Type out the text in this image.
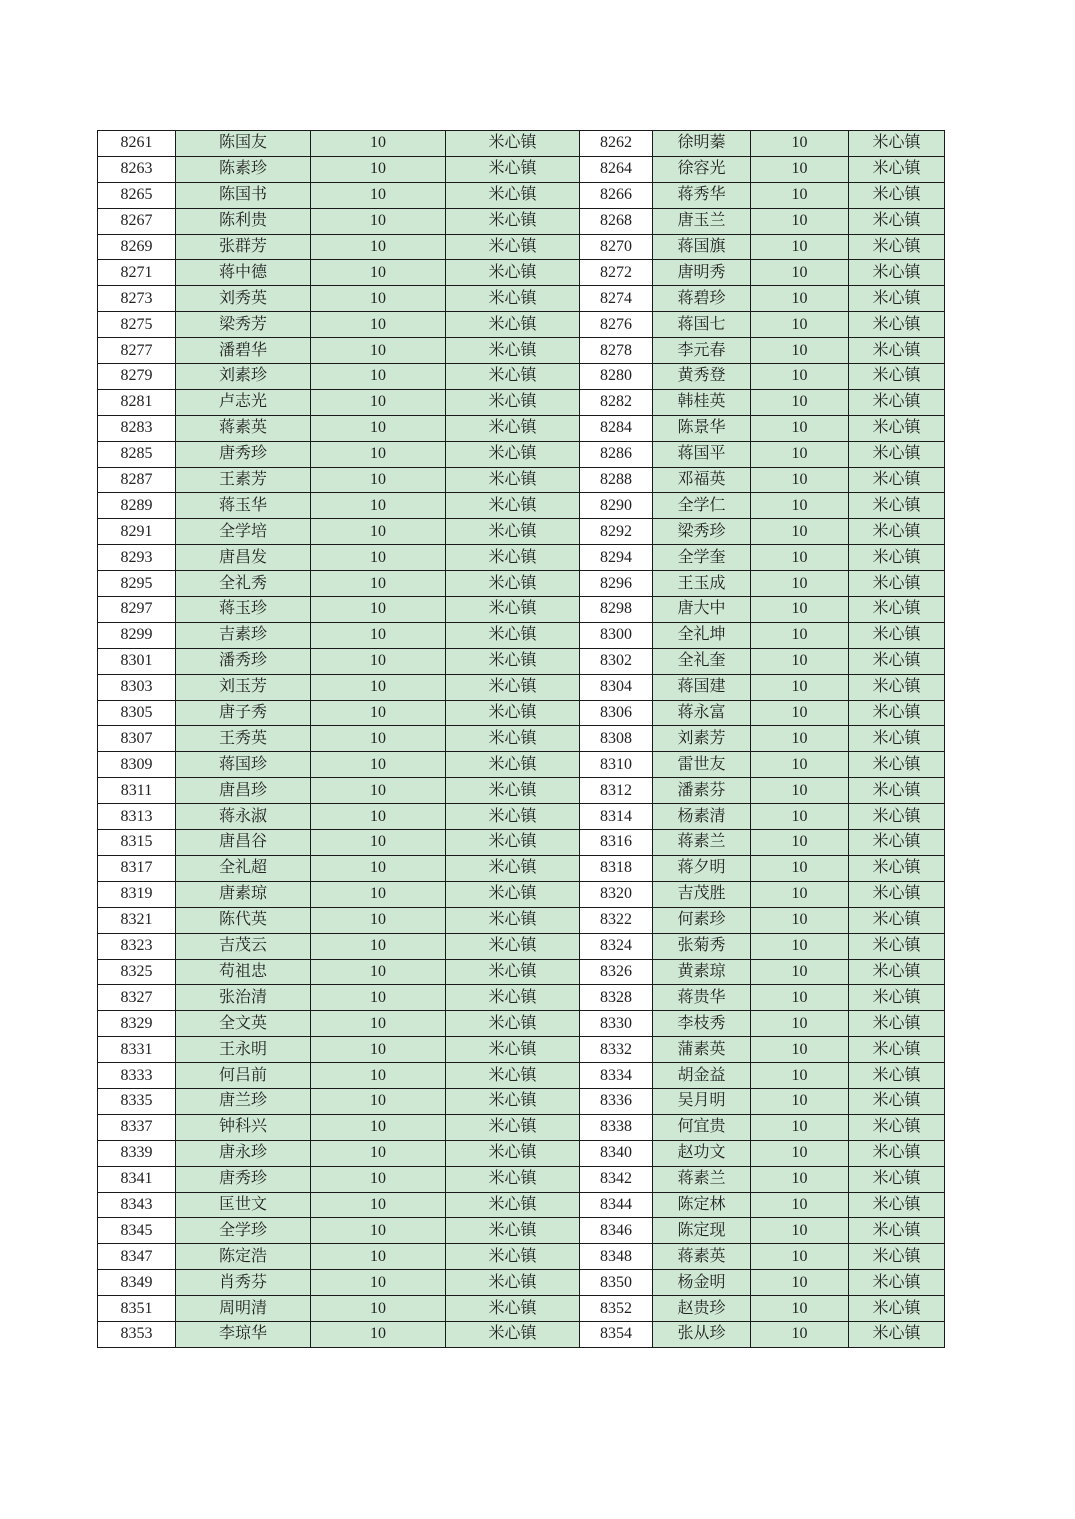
8261	陈国友	10	米心镇	8262	徐明蓁	10	米心镇
8263	陈素珍	10	米心镇	8264	徐容光	10	米心镇
8265	陈国书	10	米心镇	8266	蒋秀华	10	米心镇
8267	陈利贵	10	米心镇	8268	唐玉兰	10	米心镇
8269	张群芳	10	米心镇	8270	蒋国旗	10	米心镇
8271	蒋中德	10	米心镇	8272	唐明秀	10	米心镇
8273	刘秀英	10	米心镇	8274	蒋碧珍	10	米心镇
8275	梁秀芳	10	米心镇	8276	蒋国七	10	米心镇
8277	潘碧华	10	米心镇	8278	李元春	10	米心镇
8279	刘素珍	10	米心镇	8280	黄秀登	10	米心镇
8281	卢志光	10	米心镇	8282	韩桂英	10	米心镇
8283	蒋素英	10	米心镇	8284	陈景华	10	米心镇
8285	唐秀珍	10	米心镇	8286	蒋国平	10	米心镇
8287	王素芳	10	米心镇	8288	邓福英	10	米心镇
8289	蒋玉华	10	米心镇	8290	全学仁	10	米心镇
8291	全学培	10	米心镇	8292	梁秀珍	10	米心镇
8293	唐昌发	10	米心镇	8294	全学奎	10	米心镇
8295	全礼秀	10	米心镇	8296	王玉成	10	米心镇
8297	蒋玉珍	10	米心镇	8298	唐大中	10	米心镇
8299	吉素珍	10	米心镇	8300	全礼坤	10	米心镇
8301	潘秀珍	10	米心镇	8302	全礼奎	10	米心镇
8303	刘玉芳	10	米心镇	8304	蒋国建	10	米心镇
8305	唐子秀	10	米心镇	8306	蒋永富	10	米心镇
8307	王秀英	10	米心镇	8308	刘素芳	10	米心镇
8309	蒋国珍	10	米心镇	8310	雷世友	10	米心镇
8311	唐昌珍	10	米心镇	8312	潘素芬	10	米心镇
8313	蒋永淑	10	米心镇	8314	杨素清	10	米心镇
8315	唐昌谷	10	米心镇	8316	蒋素兰	10	米心镇
8317	全礼超	10	米心镇	8318	蒋夕明	10	米心镇
8319	唐素琼	10	米心镇	8320	吉茂胜	10	米心镇
8321	陈代英	10	米心镇	8322	何素珍	10	米心镇
8323	吉茂云	10	米心镇	8324	张菊秀	10	米心镇
8325	苟祖忠	10	米心镇	8326	黄素琼	10	米心镇
8327	张治清	10	米心镇	8328	蒋贵华	10	米心镇
8329	全文英	10	米心镇	8330	李枝秀	10	米心镇
8331	王永明	10	米心镇	8332	蒲素英	10	米心镇
8333	何吕前	10	米心镇	8334	胡金益	10	米心镇
8335	唐兰珍	10	米心镇	8336	吴月明	10	米心镇
8337	钟科兴	10	米心镇	8338	何宜贵	10	米心镇
8339	唐永珍	10	米心镇	8340	赵功文	10	米心镇
8341	唐秀珍	10	米心镇	8342	蒋素兰	10	米心镇
8343	匡世文	10	米心镇	8344	陈定林	10	米心镇
8345	全学珍	10	米心镇	8346	陈定现	10	米心镇
8347	陈定浩	10	米心镇	8348	蒋素英	10	米心镇
8349	肖秀芬	10	米心镇	8350	杨金明	10	米心镇
8351	周明清	10	米心镇	8352	赵贵珍	10	米心镇
8353	李琼华	10	米心镇	8354	张从珍	10	米心镇
